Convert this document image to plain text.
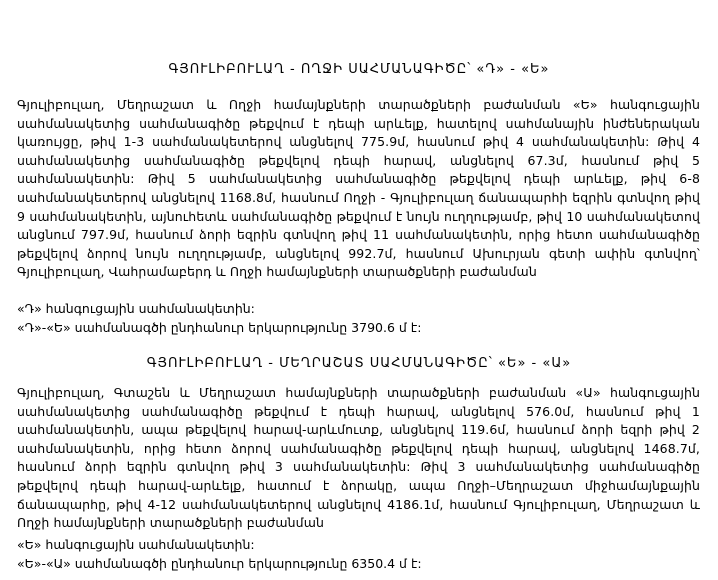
ԳՅՈՒԼԻԲՈՒԼԱՂ - ՈՂՋԻ ՍԱՀՄԱՆԱԳԻԾԸ՝ «Դ» - «Ե»

Գյուլիբուլաղ, Մեղրաշատ և Ողջի համայնքների տարածքների բաժանման «Ե» հանգուցային սահմանակետից սահմանագիծը թեքվում է դեպի արևելք, հատելով սահմանային ինժեներական կառույցը, թիվ 1-3 սահմանակետերով անցնելով 775.9մ, հասնում թիվ 4 սահմանակետին: Թիվ 4 սահմանակետից սահմանագիծը թեքվելով դեպի հարավ, անցնելով 67.3մ, հասնում թիվ 5 սահմանակետին: Թիվ 5 սահմանակետից սահմանագիծը թեքվելով դեպի արևելք, թիվ 6-8 սահմանակետերով անցնելով 1168.8մ, հասնում Ողջի - Գյուլիբուլաղ ճանապարհի եզրին գտնվող թիվ 9 սահմանակետին, այնուհետև սահմանագիծը թեքվում է նույն ուղղությամբ, թիվ 10 սահմանակետով անցնում 797.9մ, հասնում ձորի եզրին գտնվող թիվ 11 սահմանակետին, որից հետո սահմանագիծը թեքվելով ձորով նույն ուղղությամբ, անցնելով 992.7մ, հասնում Ախուրյան գետի ափին գտնվող՝ Գյուլիբուլաղ, Վահրամաբերդ և Ողջի համայնքների տարածքների բաժանման

«Դ» հանգուցային սահմանակետին:

«Դ»-«Ե» սահմանագծի ընդհանուր երկարությունը 3790.6 մ է:

ԳՅՈՒԼԻԲՈՒԼԱՂ - ՄԵՂՐԱՇԱՏ ՍԱՀՄԱՆԱԳԻԾԸ՝ «Ե» - «Ա»

Գյուլիբուլաղ, Գտաշեն և Մեղրաշատ համայնքների տարածքների բաժանման «Ա» հանգուցային սահմանակետից սահմանագիծը թեքվում է դեպի հարավ, անցնելով 576.0մ, հասնում թիվ 1 սահմանակետին, ապա թեքվելով հարավ-արևմուտք, անցնելով 119.6մ, հասնում ձորի եզրի թիվ 2 սահմանակետին, որից հետո ձորով սահմանագիծը թեքվելով դեպի հարավ, անցնելով 1468.7մ, հասնում ձորի եզրին գտնվող թիվ 3 սահմանակետին: Թիվ 3 սահմանակետից սահմանագիծը թեքվելով դեպի հարավ-արևելք, հատում է ձորակը, ապա Ողջի–Մեղրաշատ միջհամայնքային ճանապարհը, թիվ 4-12 սահմանակետերով անցնելով 4186.1մ, հասնում Գյուլիբուլաղ, Մեղրաշատ և Ողջի համայնքների տարածքների բաժանման

«Ե» հանգուցային սահմանակետին:

«Ե»-«Ա» սահմանագծի ընդհանուր երկարությունը 6350.4 մ է:
